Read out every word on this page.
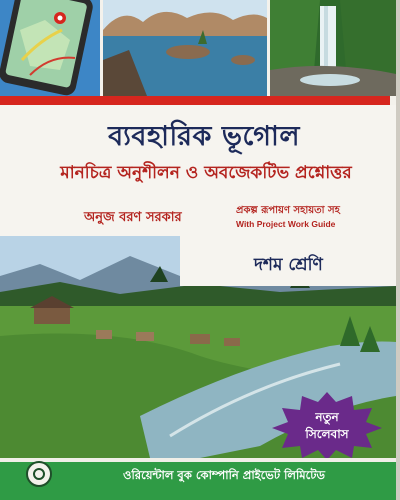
ব্যবহারিক ভূগোল
মানচিত্র অনুশীলন ও অবজেকটিভ প্রশ্নোত্তর
অনুজ বরণ সরকার	প্রকল্প রূপায়ণ সহায়তা সহ
With Project Work Guide
দশম শ্রেণি
নতুন
সিলেবাস
ওরিয়েন্টাল বুক কোম্পানি প্রাইভেট লিমিটেড
